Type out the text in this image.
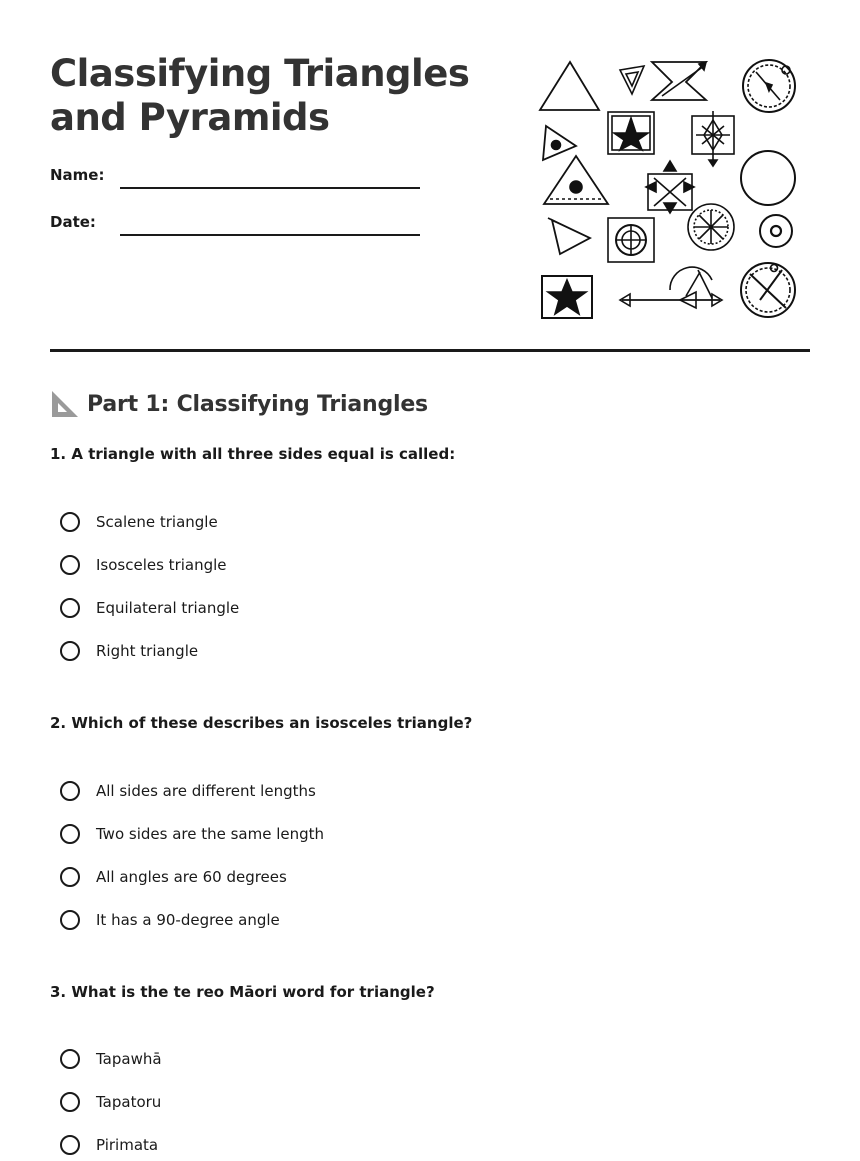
Classifying Triangles
and Pyramids
Name:
Date:
Part 1: Classifying Triangles
1. A triangle with all three sides equal is called:
Scalene triangle
Isosceles triangle
Equilateral triangle
Right triangle
2. Which of these describes an isosceles triangle?
All sides are different lengths
Two sides are the same length
All angles are 60 degrees
It has a 90-degree angle
3. What is the te reo Māori word for triangle?
Tapawhā
Tapatoru
Pirimata
